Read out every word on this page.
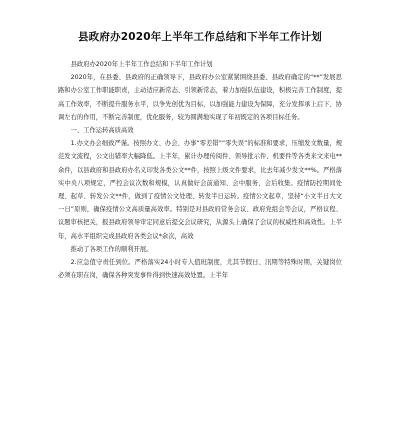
县政府办2020年上半年工作总结和下半年工作计划

县政府办2020年上半年工作总结和下半年工作计划

2020年，在县委、县政府的正确领导下，县政府办公室紧紧围绕县委、县政府确定的“**”发展思路和办公室工作职能职责，主动适应新常态、引领新常态，着力加强队伍建设，积极完善工作制度，提高工作效率，不断提升服务水平，以争先创优为目标，以加强能力建设为保障，充分发挥承上启下、协调左右的作用，不断完善制度，优化服务，较为圆满地实现了年初既定的各项目标任务。

一、工作运转高质高效

1.办文办会细致严谨。按照办文、办会、办事“零差错”“零失误”的标准和要求，压缩发文数量，规范发文流程，公文出错率大幅降低。上半年，累计办理传阅件、领导批示件、机要件等各类来文来电**余件，以县政府和县政府办名义印发各类公文**件，按照上级文件要求，比去年减少发文**%。严格落实中央八项规定，严控会议次数和规模，认真做好会前通知、会中服务、会后收集。疫情防控期间处理、起草、转发公文**件，做到了疫情公文处理、转发半日运转。疫情公文起草，坚持“小文半日大文一日”原则，确保疫情公文高质量高效率。特别是对县政府常务会议、政府党组会等会议，严格议程、议题审核把关，报县政府领导审定同意后提交会议研究，从源头上确保了会议的权威性和高效性。上半年，高水平组织完成县政府各类会议*余次，高效

推动了各项工作的顺利开展。

2.应急值守责任到位。严格落实24小时专人值班制度，尤其节假日、汛期等特殊时期，关键岗位必须在职在岗，确保各种突发事件得到快速高效处置。上半年
